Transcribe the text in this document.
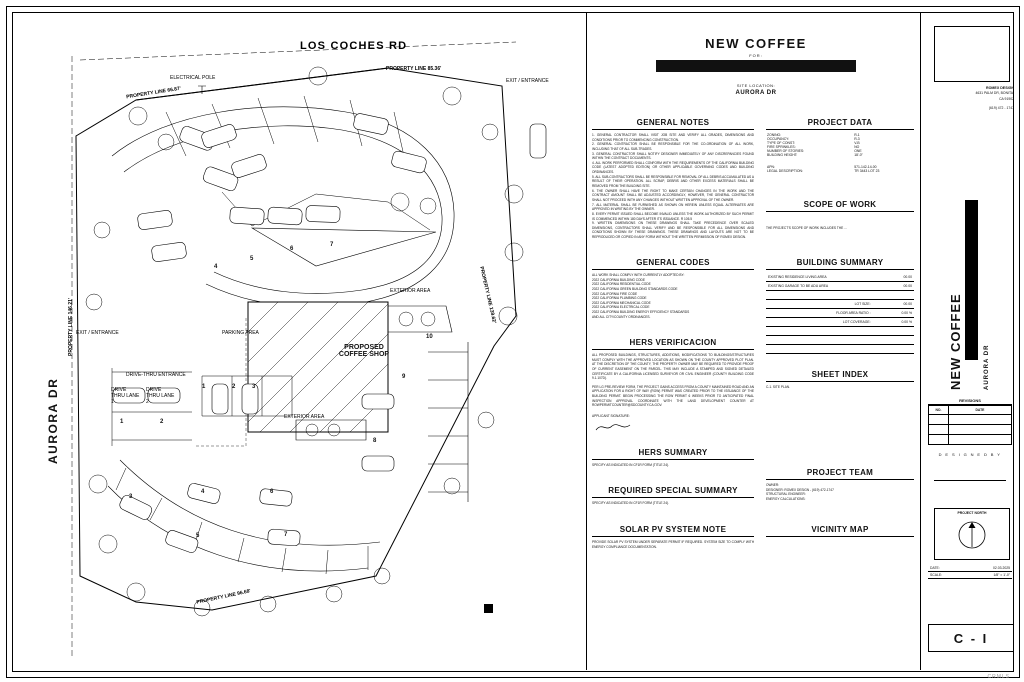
LOS COCHES RD
AURORA DR
PROPERTY LINE 85.36'
PROPERTY LINE 66.87'
PROPERTY LINE 139.62'
PROPERTY LINE 96.68'
PROPERTY LINE 146.21'
ELECTRICAL POLE	EXIT / ENTRANCE
EXIT / ENTRANCE	PARKING AREA
DRIVE-THRU ENTRANCE
DRIVE THRU LANE 1
DRIVE THRU LANE 2
EXTERIOR AREA
EXTERIOR AREA
PROPOSED
COFFEE SHOP
4
5
6
7
10
9
8
1	2	3
1	2
3
4
5
6
7
NEW COFFEE
FOR:
SITE LOCATION:
AURORA DR
GENERAL NOTES
1. GENERAL CONTRACTOR SHALL VISIT JOB SITE AND VERIFY ALL GRADES, DIMENSIONS AND CONDITIONS PRIOR TO COMMENCING CONSTRUCTION.
2. GENERAL CONTRACTOR SHALL BE RESPONSIBLE FOR THE CO-ORDINATION OF ALL WORK, INCLUDING THAT OF ALL SUB-TRADES.
3. GENERAL CONTRACTOR SHALL NOTIFY DESIGNER IMMEDIATELY OF ANY DISCREPANCIES FOUND WITHIN THE CONTRACT DOCUMENTS.
4. ALL WORK PERFORMED SHALL CONFORM WITH THE REQUIREMENTS OF THE CALIFORNIA BUILDING CODE (LATEST ADOPTED EDITION) OR OTHER APPLICABLE GOVERNING CODES AND BUILDING ORDINANCES.
5. ALL SUB-CONTRACTORS SHALL BE RESPONSIBLE FOR REMOVAL OF ALL DEBRIS ACCUMULATED AS A RESULT OF THEIR OPERATION. ALL SCRAP, DEBRIS AND OTHER EXCESS MATERIALS SHALL BE REMOVED FROM THE BUILDING SITE.
6. THE OWNER SHALL HAVE THE RIGHT TO MAKE CERTAIN CHANGES IN THE WORK AND THE CONTRACT AMOUNT SHALL BE ADJUSTED ACCORDINGLY, HOWEVER, THE GENERAL CONTRACTOR SHALL NOT PROCEED WITH ANY CHANGES WITHOUT WRITTEN APPROVAL OF THE OWNER.
7. ALL MATERIAL SHALL BE FURNISHED AS SHOWN ON HEREIN UNLESS EQUAL ALTERNATES ARE APPROVED IN WRITING BY THE OWNER.
8. EVERY PERMIT ISSUED SHALL BECOME INVALID UNLESS THE WORK AUTHORIZED BY SUCH PERMIT IS COMMENCED WITHIN 180 DAYS AFTER ITS ISSUANCE. R 105.5
9. WRITTEN DIMENSIONS ON THESE DRAWINGS SHALL TAKE PRECEDENCE OVER SCALED DIMENSIONS, CONTRACTORS SHALL VERIFY AND BE RESPONSIBLE FOR ALL DIMENSIONS AND CONDITIONS SHOWN BY THESE DRAWINGS. THESE DRAWINGS AND LAYOUTS ARE NOT TO BE REPRODUCED OR COPIED IN ANY FORM WITHOUT THE WRITTEN PERMISSION OF ROMEX DESIGN.
GENERAL CODES
ALL WORK SHALL COMPLY WITH CURRENTLY ADOPTED BY:
2022 CALIFORNIA BUILDING CODE
2022 CALIFORNIA RESIDENTIAL CODE
2022 CALIFORNIA GREEN BUILDING STANDARDS CODE
2022 CALIFORNIA FIRE CODE
2022 CALIFORNIA PLUMBING CODE
2022 CALIFORNIA MECHANICAL CODE
2022 CALIFORNIA ELECTRICAL CODE
2022 CALIFORNIA BUILDING ENERGY EFFICIENCY STANDARDS
AND ALL CITY/COUNTY ORDINANCES.
HERS VERIFICACION
ALL PROPOSED BUILDINGS, STRUCTURES, ADDITIONS, MODIFICATIONS TO BUILDINGS/STRUCTURES MUST COMPLY WITH THE APPROVED LOCATION AS SHOWN ON THE COUNTY APPROVED PLOT PLAN. AT THE DISCRETION OF THE COUNTY, THE PROPERTY OWNER MAY BE REQUIRED TO PROVIDE PROOF OF CURRENT EASEMENT ON THE PARCEL. THIS MAY INCLUDE A STAMPED AND SIGNED DETAILED CERTIFICATE BY A CALIFORNIA LICENSED SURVEYOR OR CIVIL ENGINEER (COUNTY BUILDING CODE 9.1.107D).
PER LG PRE-REVIEW FORM, THE PROJECT GAINS ACCESS FROM A COUNTY MAINTAINED ROAD AND AN APPLICATION FOR A RIGHT OF WAY (ROW) PERMIT WAS CREATED PRIOR TO THE ISSUANCE OF THE BUILDING PERMIT. BEGIN PROCESSING THE ROW PERMIT 6 WEEKS PRIOR TO ANTICIPATED FINAL INSPECTION APPROVAL COORDINATE WITH THE LAND DEVELOPMENT COUNTER AT ROWPERMITCOUNTER@SDCOUNTY.CA.GOV.
APPLICANT SIGNATURE:
HERS SUMMARY
SPECIFY AS INDICATED IN CF1R FORM (TITLE 24).
REQUIRED SPECIAL SUMMARY
SPECIFY AS INDICATED IN CF1R FORM (TITLE 24).
SOLAR PV SYSTEM NOTE
PROVIDE SOLAR PV SYSTEM UNDER SEPARATE PERMIT IF REQUIRED. SYSTEM SIZE TO COMPLY WITH ENERGY COMPLIANCE DOCUMENTATION.
PROJECT DATA
ZONING:	R-1
OCCUPANCY:	R-3
TYPE OF CONST:	V-B
FIRE SPRINKLES:	NO
NUMBER OF STORIES:	ONE
BUILDING HEIGHT:	18'-0"

APN:	571-142-14-00
LEGAL DESCRIPTION:	TR 3443 LOT 23
SCOPE OF WORK
THE PROJECT'S SCOPE OF WORK INCLUDES THE ...
BUILDING SUMMARY
EXISTING RESIDENCE LIVING AREA	00.00
EXISTING GARAGE TO BE ADU AREA	00.00

LOT SIZE:	00.00
FLOOR AREA RATIO :	0.00 %
LOT COVERAGE:	0.00 %

SHEET INDEX
C-1. SITE PLAN.
PROJECT TEAM
OWNER:
DESIGNER: ROMEX DESIGN - (619) 472-1747
STRUCTURAL ENGINEER:
ENERGY CALCULATIONS:
VICINITY MAP
ROMEX DESIGN
4631 PALM DR, BONITA,
CA 91902
(619) 472 - 1747
NEW COFFEE	AURORA DR
REVISIONS
NO.	DATE

D E S I G N E D B Y
PROJECT NORTH
DATE:	02.03.2025
SCALE:	1/8" = 1'-0"
C - I
CRMLS
